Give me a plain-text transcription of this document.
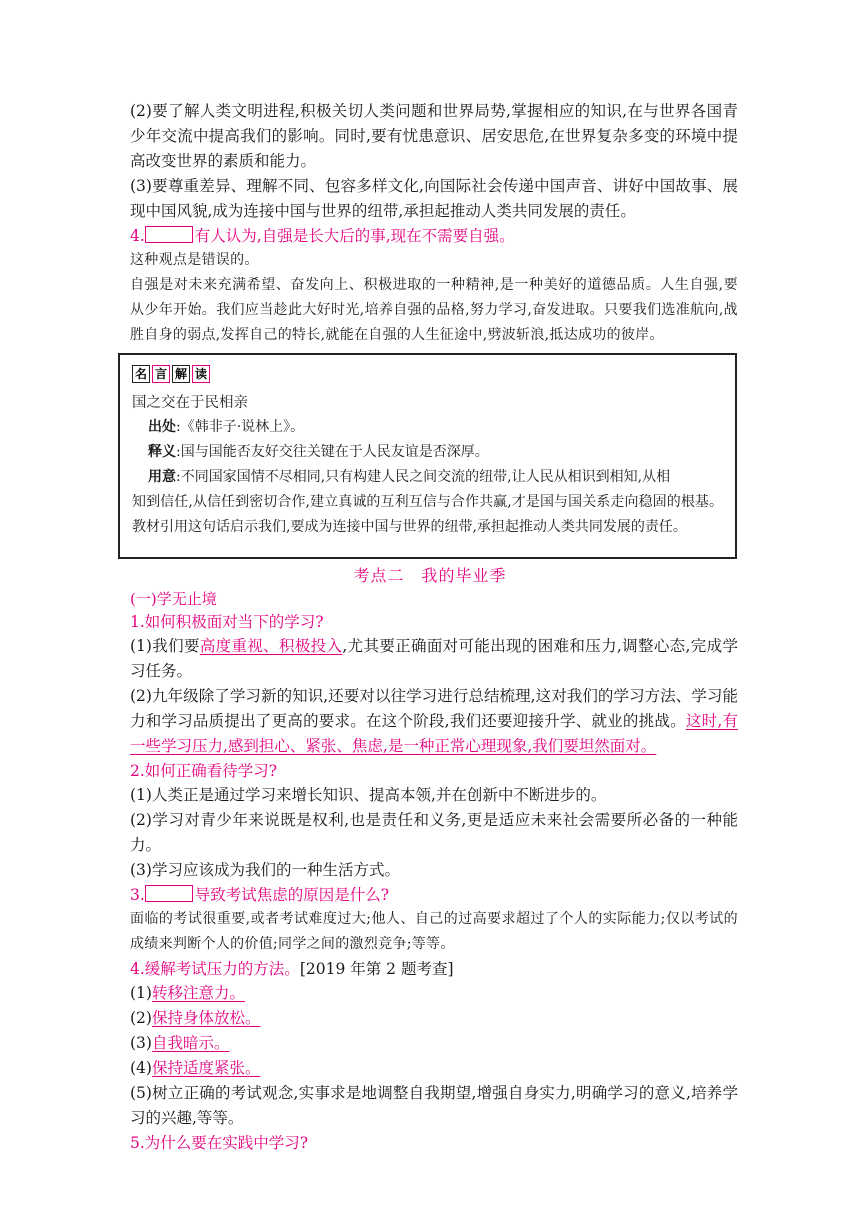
(2)要了解人类文明进程,积极关切人类问题和世界局势,掌握相应的知识,在与世界各国青少年交流中提高我们的影响。同时,要有忧患意识、居安思危,在世界复杂多变的环境中提高改变世界的素质和能力。

(3)要尊重差异、理解不同、包容多样文化,向国际社会传递中国声音、讲好中国故事、展现中国风貌,成为连接中国与世界的纽带,承担起推动人类共同发展的责任。

4.	有人认为,自强是长大后的事,现在不需要自强。

这种观点是错误的。

自强是对未来充满希望、奋发向上、积极进取的一种精神,是一种美好的道德品质。人生自强,要从少年开始。我们应当趁此大好时光,培养自强的品格,努力学习,奋发进取。只要我们选准航向,战胜自身的弱点,发挥自己的特长,就能在自强的人生征途中,劈波斩浪,抵达成功的彼岸。

名 言 解 读

国之交在于民相亲

出处:《韩非子·说林上》。

释义:国与国能否友好交往关键在于人民友谊是否深厚。

用意:不同国家国情不尽相同,只有构建人民之间交流的纽带,让人民从相识到相知,从相

知到信任,从信任到密切合作,建立真诚的互利互信与合作共赢,才是国与国关系走向稳固的根基。教材引用这句话启示我们,要成为连接中国与世界的纽带,承担起推动人类共同发展的责任。

考点二　我的毕业季

(一)学无止境

1.如何积极面对当下的学习?

(1)我们要高度重视、积极投入,尤其要正确面对可能出现的困难和压力,调整心态,完成学习任务。

(2)九年级除了学习新的知识,还要对以往学习进行总结梳理,这对我们的学习方法、学习能力和学习品质提出了更高的要求。在这个阶段,我们还要迎接升学、就业的挑战。这时,有一些学习压力,感到担心、紧张、焦虑,是一种正常心理现象,我们要坦然面对。

2.如何正确看待学习?

(1)人类正是通过学习来增长知识、提高本领,并在创新中不断进步的。

(2)学习对青少年来说既是权利,也是责任和义务,更是适应未来社会需要所必备的一种能力。

(3)学习应该成为我们的一种生活方式。

3.	导致考试焦虑的原因是什么?

面临的考试很重要,或者考试难度过大;他人、自己的过高要求超过了个人的实际能力;仅以考试的成绩来判断个人的价值;同学之间的激烈竞争;等等。

4.缓解考试压力的方法。[2019 年第 2 题考查]

(1)转移注意力。

(2)保持身体放松。

(3)自我暗示。

(4)保持适度紧张。

(5)树立正确的考试观念,实事求是地调整自我期望,增强自身实力,明确学习的意义,培养学习的兴趣,等等。

5.为什么要在实践中学习?
